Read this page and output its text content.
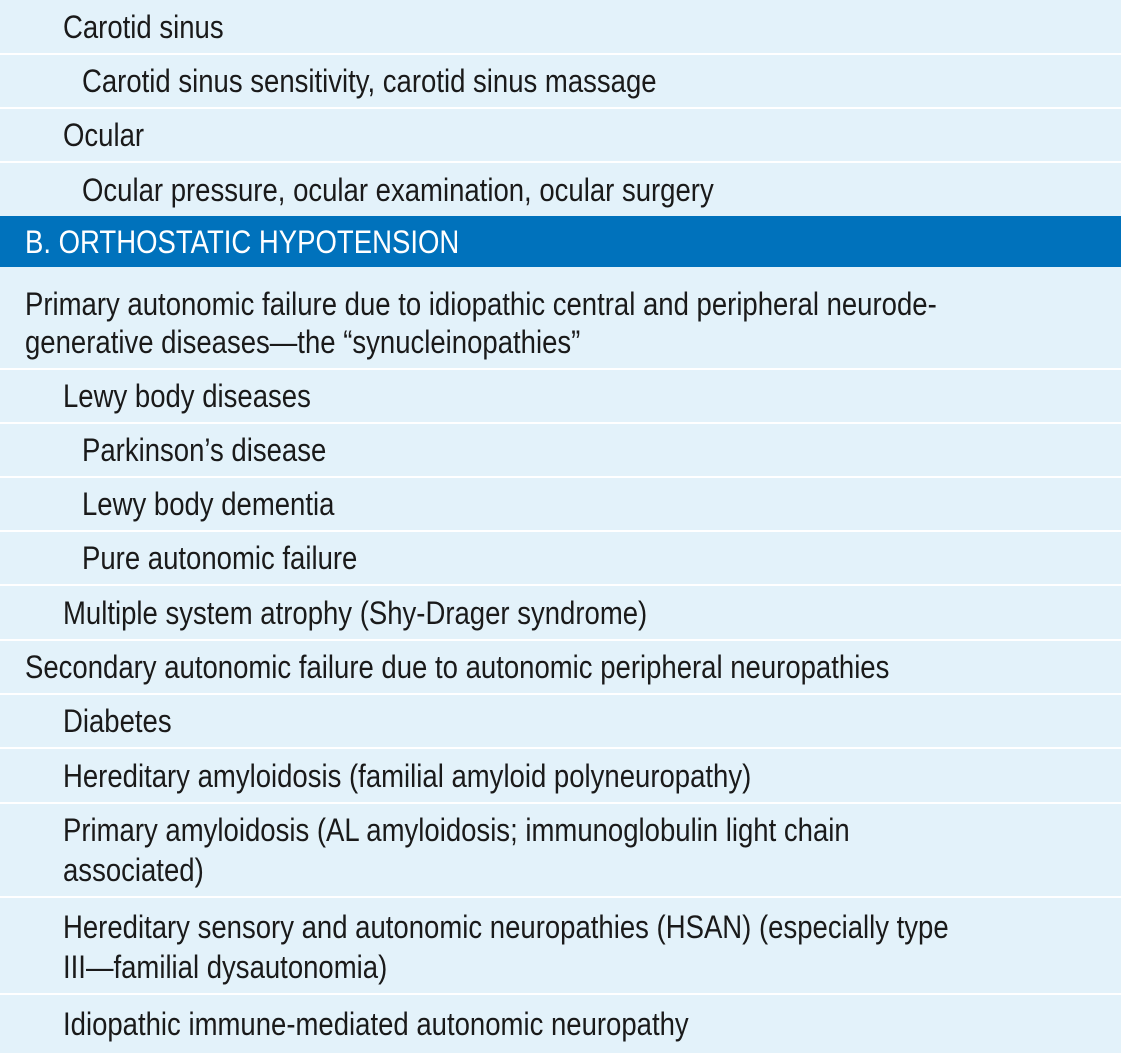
Carotid sinus
Carotid sinus sensitivity, carotid sinus massage
Ocular
Ocular pressure, ocular examination, ocular surgery
B. ORTHOSTATIC HYPOTENSION
Primary autonomic failure due to idiopathic central and peripheral neurode-
generative diseases—the “synucleinopathies”
Lewy body diseases
Parkinson’s disease
Lewy body dementia
Pure autonomic failure
Multiple system atrophy (Shy-Drager syndrome)
Secondary autonomic failure due to autonomic peripheral neuropathies
Diabetes
Hereditary amyloidosis (familial amyloid polyneuropathy)
Primary amyloidosis (AL amyloidosis; immunoglobulin light chain
associated)
Hereditary sensory and autonomic neuropathies (HSAN) (especially type
III—familial dysautonomia)
Idiopathic immune-mediated autonomic neuropathy
